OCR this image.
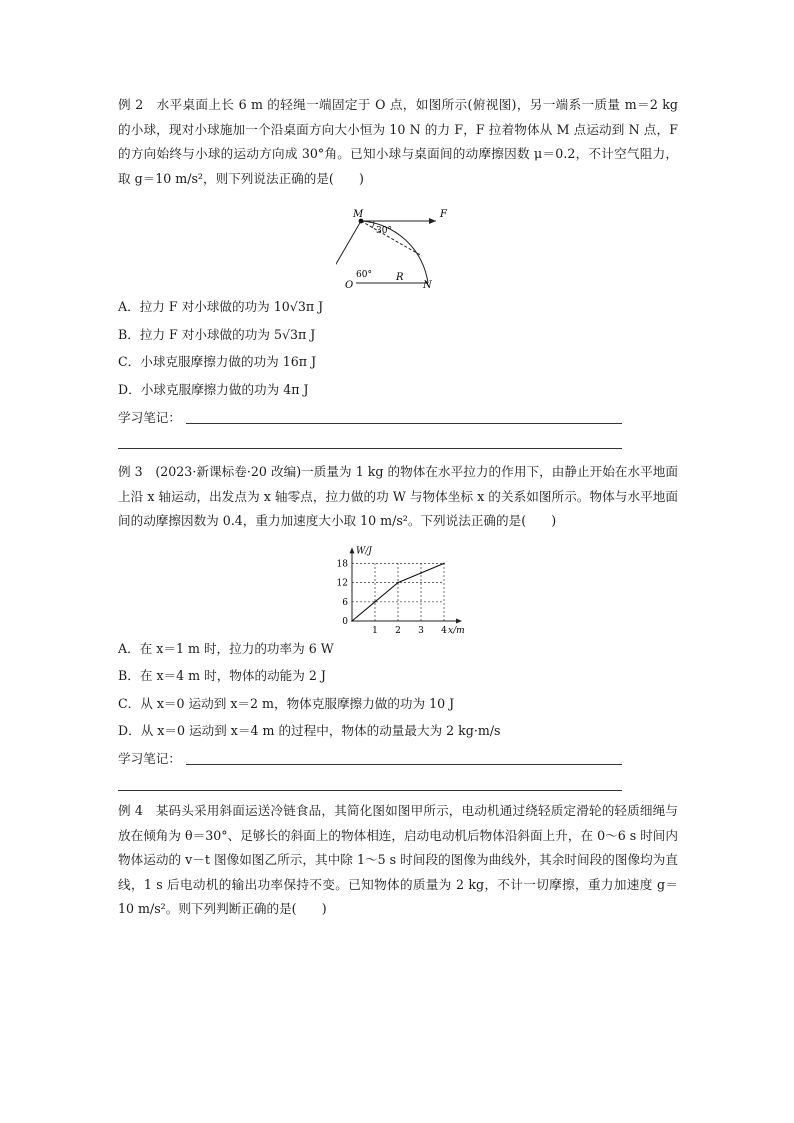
例 2　水平桌面上长 6 m 的轻绳一端固定于 O 点，如图所示(俯视图)，另一端系一质量 m＝2 kg 的小球，现对小球施加一个沿桌面方向大小恒为 10 N 的力 F，F 拉着物体从 M 点运动到 N 点，F 的方向始终与小球的运动方向成 30°角。已知小球与桌面间的动摩擦因数 μ＝0.2，不计空气阻力，取 g＝10 m/s²，则下列说法正确的是(　　)
M	F
30°
O
60° R
N
A．拉力 F 对小球做的功为 10√3π J
B．拉力 F 对小球做的功为 5√3π J
C．小球克服摩擦力做的功为 16π J
D．小球克服摩擦力做的功为 4π J
学习笔记：
例 3　(2023·新课标卷·20 改编)一质量为 1 kg 的物体在水平拉力的作用下，由静止开始在水平地面上沿 x 轴运动，出发点为 x 轴零点，拉力做的功 W 与物体坐标 x 的关系如图所示。物体与水平地面间的动摩擦因数为 0.4，重力加速度大小取 10 m/s²。下列说法正确的是(　　)
1 2 3 4
0
6
12
18
x/m
W/J
A．在 x＝1 m 时，拉力的功率为 6 W
B．在 x＝4 m 时，物体的动能为 2 J
C．从 x＝0 运动到 x＝2 m，物体克服摩擦力做的功为 10 J
D．从 x＝0 运动到 x＝4 m 的过程中，物体的动量最大为 2 kg·m/s
学习笔记：
例 4　某码头采用斜面运送冷链食品，其简化图如图甲所示，电动机通过绕轻质定滑轮的轻质细绳与放在倾角为 θ＝30°、足够长的斜面上的物体相连，启动电动机后物体沿斜面上升，在 0～6 s 时间内物体运动的 v－t 图像如图乙所示，其中除 1～5 s 时间段的图像为曲线外，其余时间段的图像均为直线，1 s 后电动机的输出功率保持不变。已知物体的质量为 2 kg，不计一切摩擦，重力加速度 g＝10 m/s²。则下列判断正确的是(　　)
